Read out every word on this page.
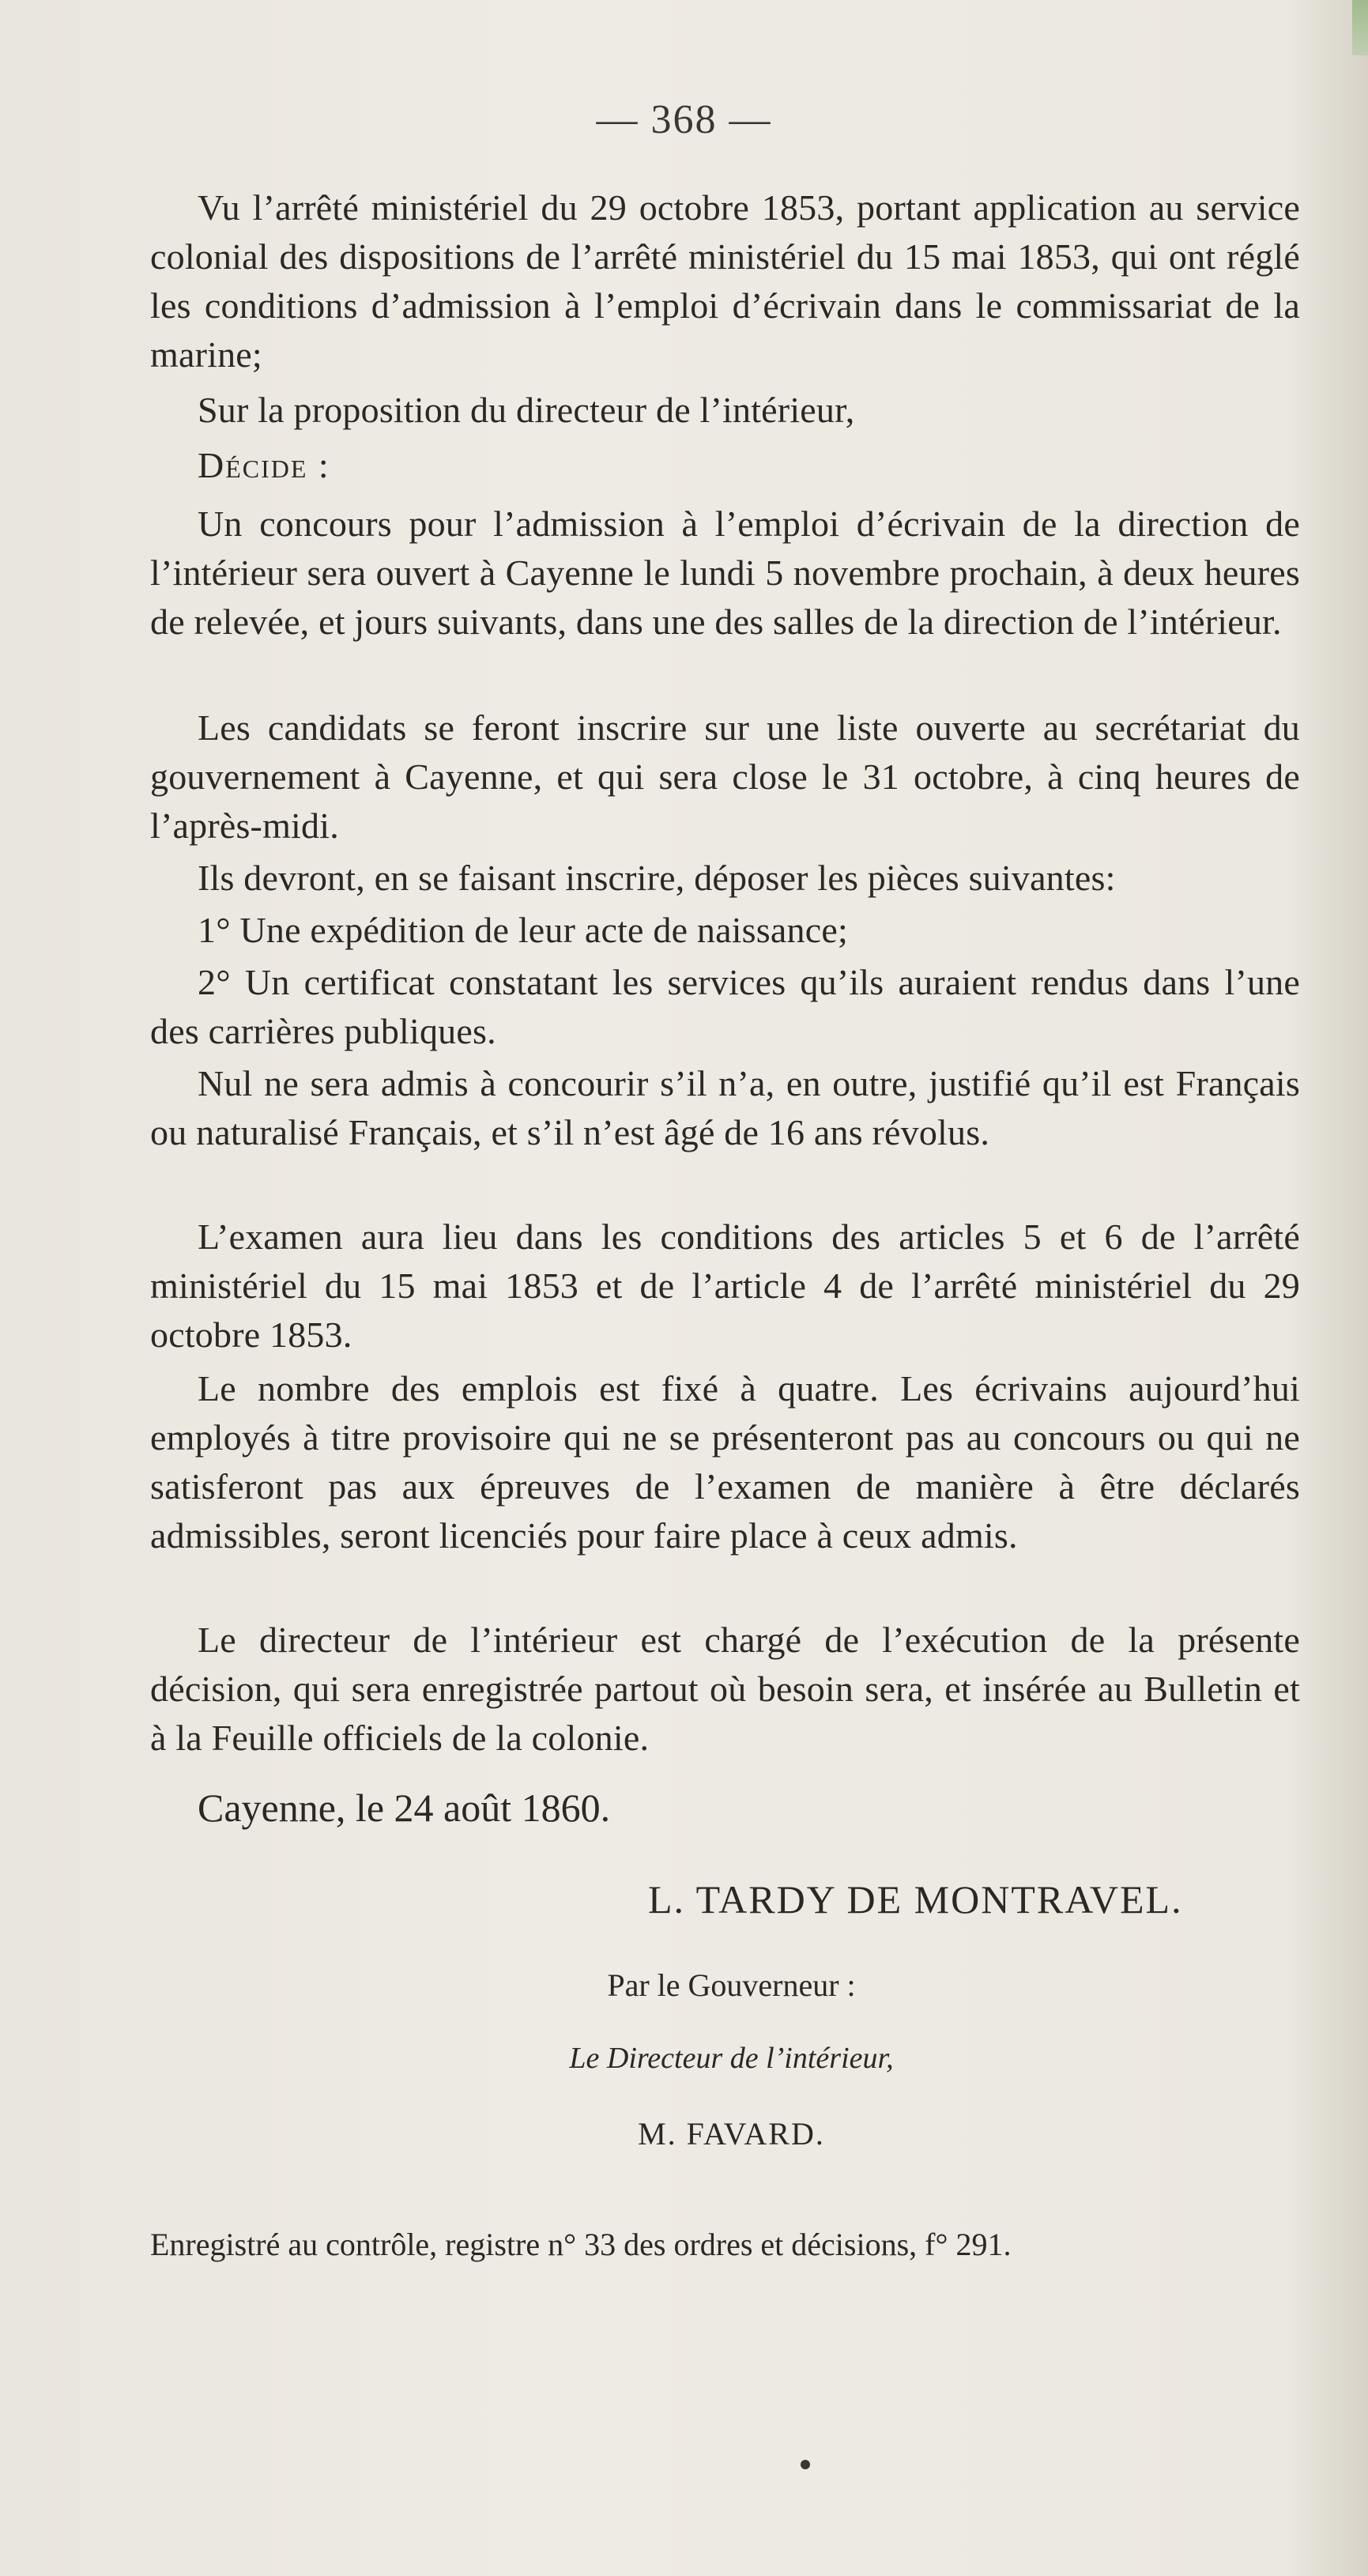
— 368 —

Vu l’arrêté ministériel du 29 octobre 1853, portant application au service colonial des dispositions de l’arrêté ministériel du 15 mai 1853, qui ont réglé les conditions d’admission à l’emploi d’écrivain dans le commissariat de la marine;

Sur la proposition du directeur de l’intérieur,

Décide :

Un concours pour l’admission à l’emploi d’écrivain de la direction de l’intérieur sera ouvert à Cayenne le lundi 5 novembre prochain, à deux heures de relevée, et jours suivants, dans une des salles de la direction de l’intérieur.

Les candidats se feront inscrire sur une liste ouverte au secrétariat du gouvernement à Cayenne, et qui sera close le 31 octobre, à cinq heures de l’après-midi.

Ils devront, en se faisant inscrire, déposer les pièces suivantes:

1° Une expédition de leur acte de naissance;

2° Un certificat constatant les services qu’ils auraient rendus dans l’une des carrières publiques.

Nul ne sera admis à concourir s’il n’a, en outre, justifié qu’il est Français ou naturalisé Français, et s’il n’est âgé de 16 ans révolus.

L’examen aura lieu dans les conditions des articles 5 et 6 de l’arrêté ministériel du 15 mai 1853 et de l’article 4 de l’arrêté ministériel du 29 octobre 1853.

Le nombre des emplois est fixé à quatre. Les écrivains aujourd’hui employés à titre provisoire qui ne se présenteront pas au concours ou qui ne satisferont pas aux épreuves de l’examen de manière à être déclarés admissibles, seront licenciés pour faire place à ceux admis.

Le directeur de l’intérieur est chargé de l’exécution de la présente décision, qui sera enregistrée partout où besoin sera, et insérée au Bulletin et à la Feuille officiels de la colonie.

Cayenne, le 24 août 1860.

L. TARDY DE MONTRAVEL.

Par le Gouverneur :

Le Directeur de l’intérieur,

M. FAVARD.

Enregistré au contrôle, registre n° 33 des ordres et décisions, f° 291.
